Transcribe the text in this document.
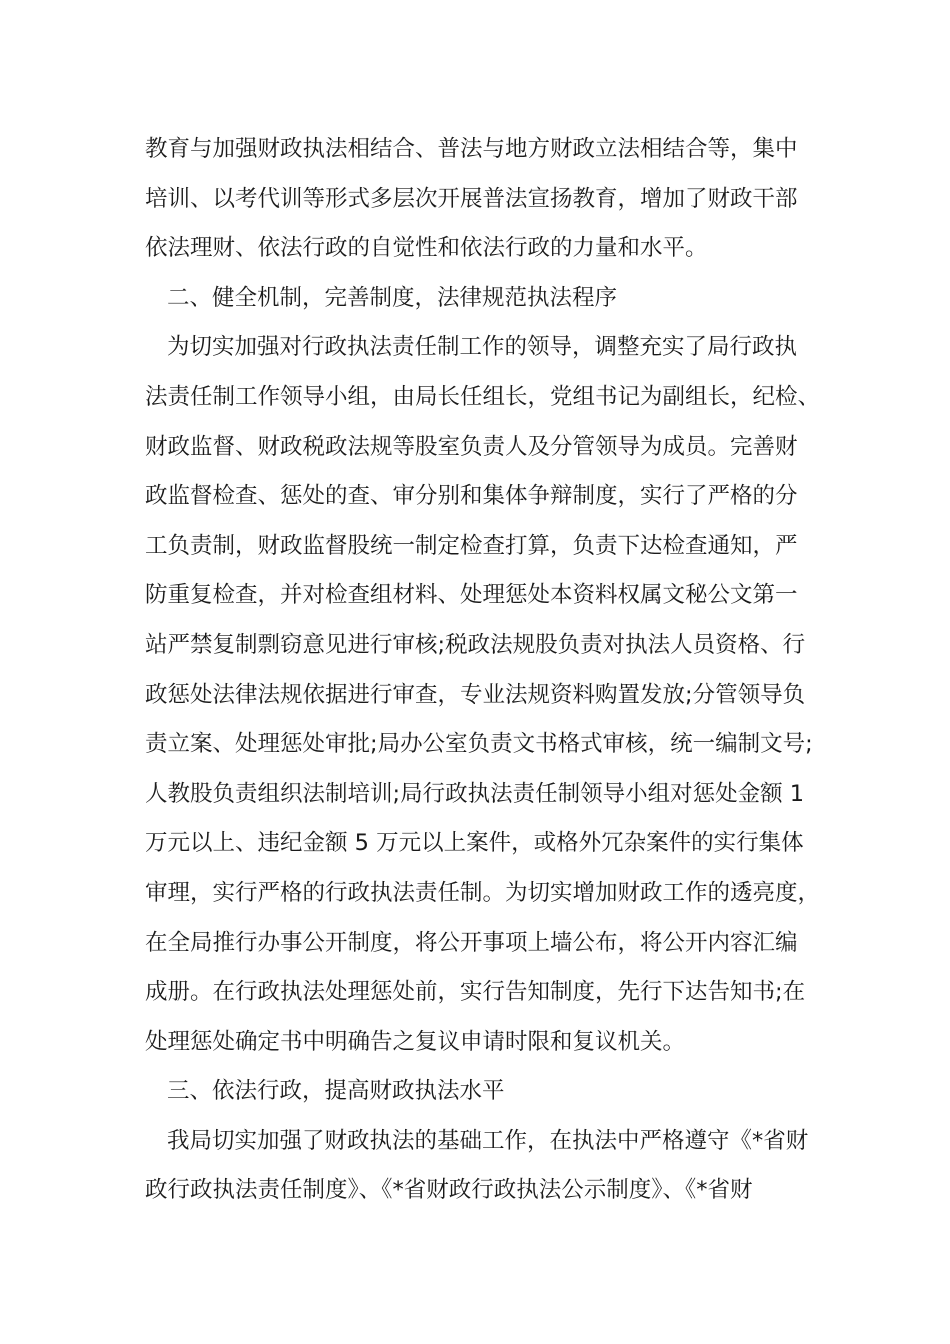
教育与加强财政执法相结合、普法与地方财政立法相结合等，集中
培训、以考代训等形式多层次开展普法宣扬教育，增加了财政干部
依法理财、依法行政的自觉性和依法行政的力量和水平。
二、健全机制，完善制度，法律规范执法程序
为切实加强对行政执法责任制工作的领导，调整充实了局行政执
法责任制工作领导小组，由局长任组长，党组书记为副组长，纪检、
财政监督、财政税政法规等股室负责人及分管领导为成员。完善财
政监督检查、惩处的查、审分别和集体争辩制度，实行了严格的分
工负责制，财政监督股统一制定检查打算，负责下达检查通知，严
防重复检查，并对检查组材料、处理惩处本资料权属文秘公文第一
站严禁复制剽窃意见进行审核;税政法规股负责对执法人员资格、行
政惩处法律法规依据进行审查，专业法规资料购置发放;分管领导负
责立案、处理惩处审批;局办公室负责文书格式审核，统一编制文号;
人教股负责组织法制培训;局行政执法责任制领导小组对惩处金额 1
万元以上、违纪金额 5 万元以上案件，或格外冗杂案件的实行集体
审理，实行严格的行政执法责任制。为切实增加财政工作的透亮度，
在全局推行办事公开制度，将公开事项上墙公布，将公开内容汇编
成册。在行政执法处理惩处前，实行告知制度，先行下达告知书;在
处理惩处确定书中明确告之复议申请时限和复议机关。
三、依法行政，提高财政执法水平
我局切实加强了财政执法的基础工作，在执法中严格遵守《*省财
政行政执法责任制度》、《*省财政行政执法公示制度》、《*省财
